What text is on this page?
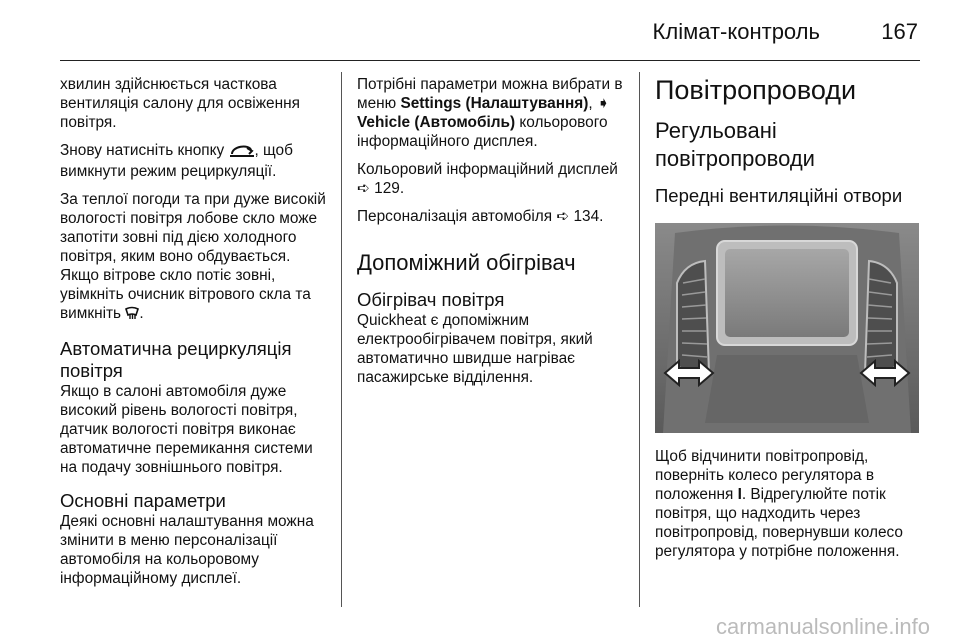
Клімат-контроль	167

хвилин здійснюється часткова вентиляція салону для освіження повітря.

Знову натисніть кнопку , щоб вимкнути режим рециркуляції.

За теплої погоди та при дуже високій вологості повітря лобове скло може запотіти зовні під дією холодного повітря, яким воно обдувається. Якщо вітрове скло потіє зовні, увімкніть очисник вітрового скла та вимкніть .

Автоматична рециркуляція повітря

Якщо в салоні автомобіля дуже високий рівень вологості повітря, датчик вологості повітря виконає автоматичне перемикання системи на подачу зовнішнього повітря.

Основні параметри

Деякі основні налаштування можна змінити в меню персоналізації автомобіля на кольоровому інформаційному дисплеї.

Потрібні параметри можна вибрати в меню Settings (Налаштування), ➧ Vehicle (Автомобіль) кольорового інформаційного дисплея.

Кольоровий інформаційний дисплей ➪ 129.

Персоналізація автомобіля ➪ 134.

Допоміжний обігрівач
Обігрівач повітря

Quickheat є допоміжним електрообігрівачем повітря, який автоматично швидше нагріває пасажирське відділення.

Повітропроводи
Регульовані повітропроводи
Передні вентиляційні отвори

Щоб відчинити повітропровід, поверніть колесо регулятора в положення I. Відрегулюйте потік повітря, що надходить через повітропровід, повернувши колесо регулятора у потрібне положення.

carmanualsonline.info
